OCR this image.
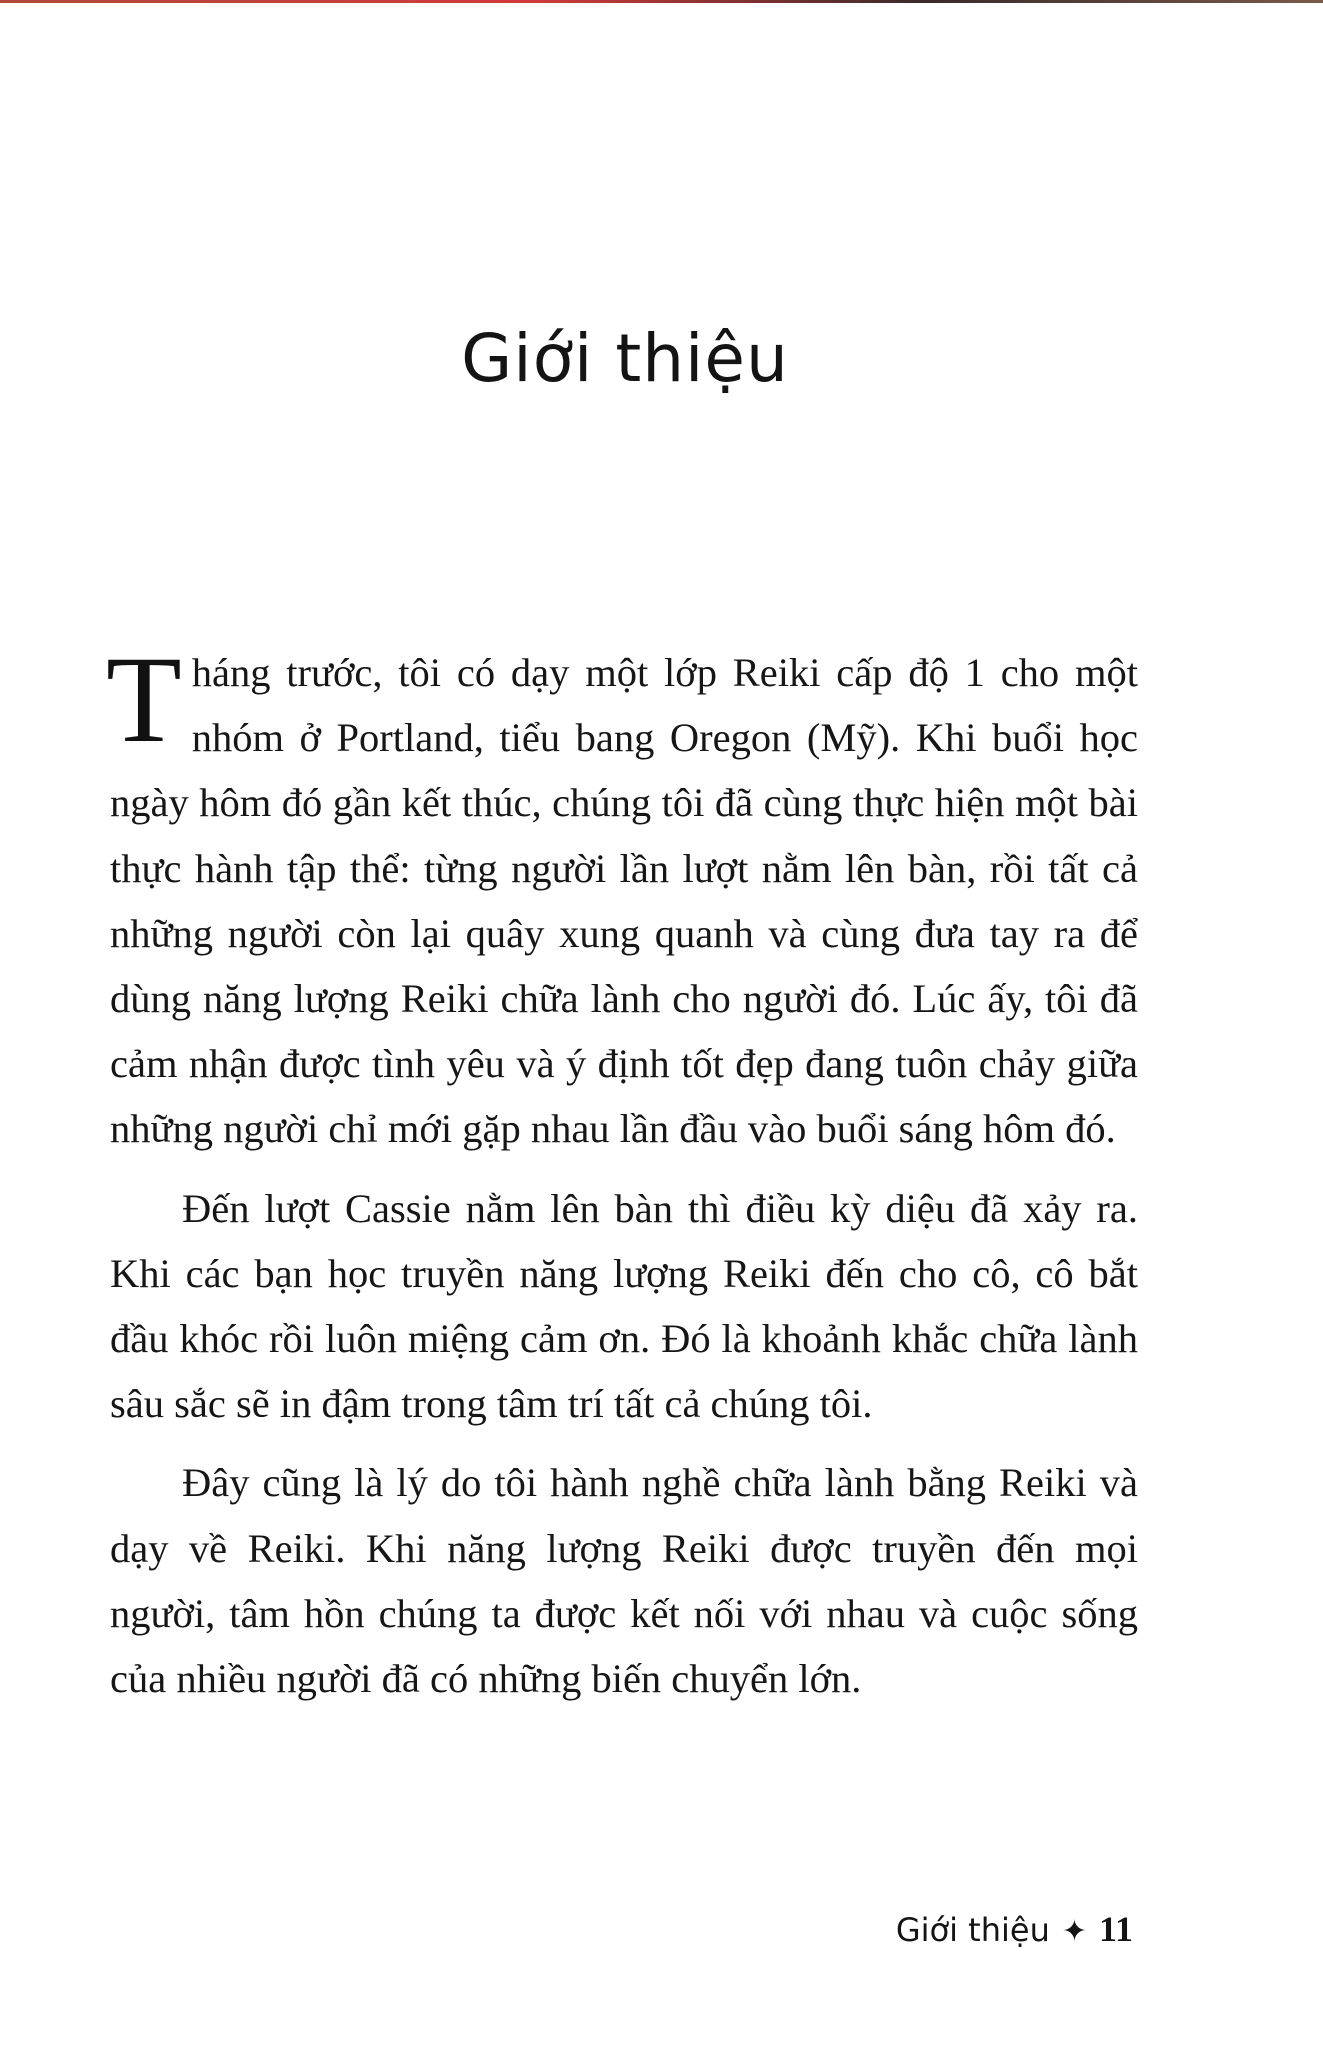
Giới thiệu

Tháng trước, tôi có dạy một lớp Reiki cấp độ 1 cho một nhóm ở Portland, tiểu bang Oregon (Mỹ). Khi buổi học ngày hôm đó gần kết thúc, chúng tôi đã cùng thực hiện một bài thực hành tập thể: từng người lần lượt nằm lên bàn, rồi tất cả những người còn lại quây xung quanh và cùng đưa tay ra để dùng năng lượng Reiki chữa lành cho người đó. Lúc ấy, tôi đã cảm nhận được tình yêu và ý định tốt đẹp đang tuôn chảy giữa những người chỉ mới gặp nhau lần đầu vào buổi sáng hôm đó.

Đến lượt Cassie nằm lên bàn thì điều kỳ diệu đã xảy ra. Khi các bạn học truyền năng lượng Reiki đến cho cô, cô bắt đầu khóc rồi luôn miệng cảm ơn. Đó là khoảnh khắc chữa lành sâu sắc sẽ in đậm trong tâm trí tất cả chúng tôi.

Đây cũng là lý do tôi hành nghề chữa lành bằng Reiki và dạy về Reiki. Khi năng lượng Reiki được truyền đến mọi người, tâm hồn chúng ta được kết nối với nhau và cuộc sống của nhiều người đã có những biến chuyển lớn.

Giới thiệu ✦ 11
